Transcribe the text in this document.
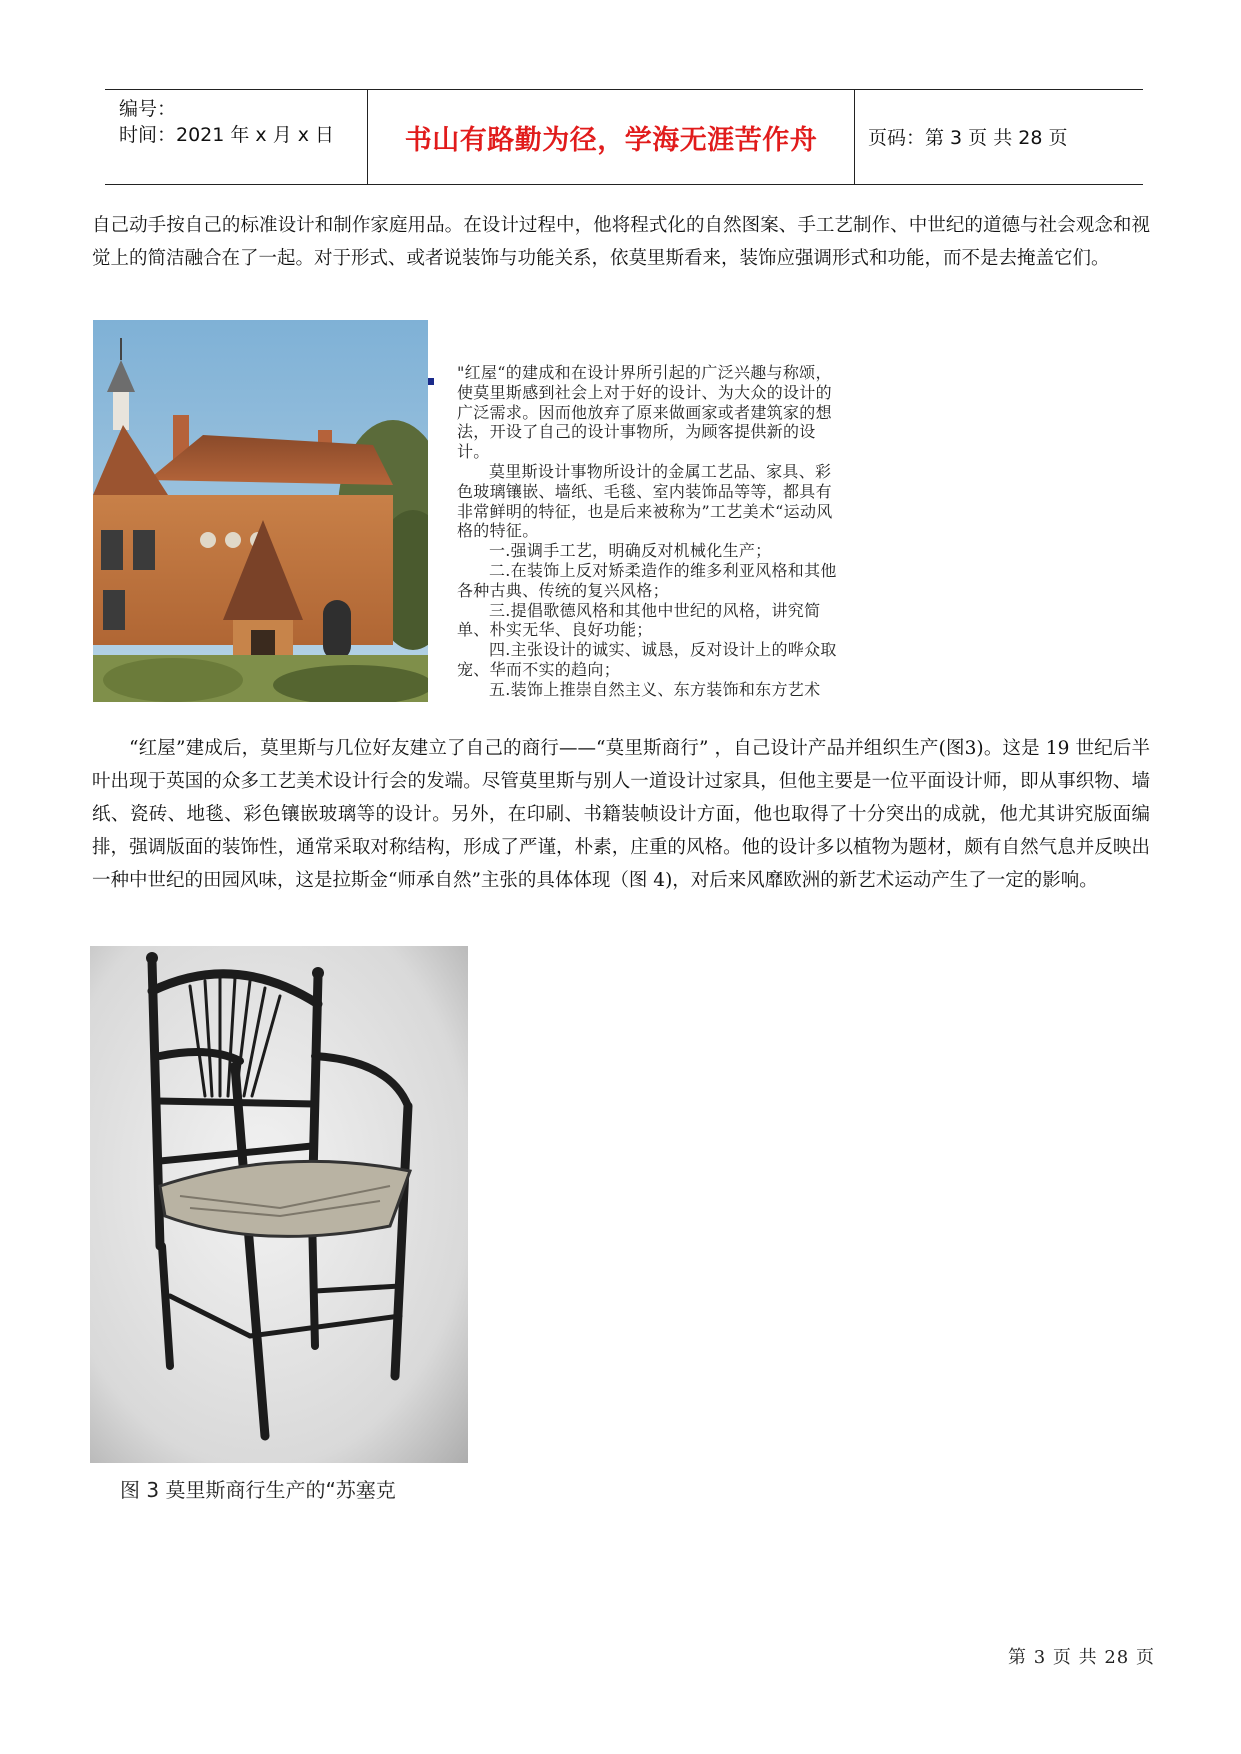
编号：
时间：2021 年 x 月 x 日	书山有路勤为径，学海无涯苦作舟	页码：第 3 页 共 28 页
自己动手按自己的标准设计和制作家庭用品。在设计过程中，他将程式化的自然图案、手工艺制作、中世纪的道德与社会观念和视觉上的简洁融合在了一起。对于形式、或者说装饰与功能关系，依莫里斯看来，装饰应强调形式和功能，而不是去掩盖它们。

"红屋“的建成和在设计界所引起的广泛兴趣与称颂，使莫里斯感到社会上对于好的设计、为大众的设计的广泛需求。因而他放弃了原来做画家或者建筑家的想法，开设了自己的设计事物所，为顾客提供新的设计。

莫里斯设计事物所设计的金属工艺品、家具、彩色玻璃镶嵌、墙纸、毛毯、室内装饰品等等，都具有非常鲜明的特征，也是后来被称为”工艺美术“运动风格的特征。

一.强调手工艺，明确反对机械化生产；

二.在装饰上反对矫柔造作的维多利亚风格和其他各种古典、传统的复兴风格；

三.提倡歌德风格和其他中世纪的风格，讲究简单、朴实无华、良好功能；

四.主张设计的诚实、诚恳，反对设计上的哗众取宠、华而不实的趋向；

五.装饰上推崇自然主义、东方装饰和东方艺术

“红屋”建成后，莫里斯与几位好友建立了自己的商行——“莫里斯商行” ，自己设计产品并组织生产(图3)。这是 19 世纪后半叶出现于英国的众多工艺美术设计行会的发端。尽管莫里斯与别人一道设计过家具，但他主要是一位平面设计师，即从事织物、墙纸、瓷砖、地毯、彩色镶嵌玻璃等的设计。另外，在印刷、书籍装帧设计方面，他也取得了十分突出的成就，他尤其讲究版面编排，强调版面的装饰性，通常采取对称结构，形成了严谨，朴素，庄重的风格。他的设计多以植物为题材，颇有自然气息并反映出一种中世纪的田园风味，这是拉斯金“师承自然”主张的具体体现（图 4)，对后来风靡欧洲的新艺术运动产生了一定的影响。
图 3 莫里斯商行生产的“苏塞克
第 3 页 共 28 页
